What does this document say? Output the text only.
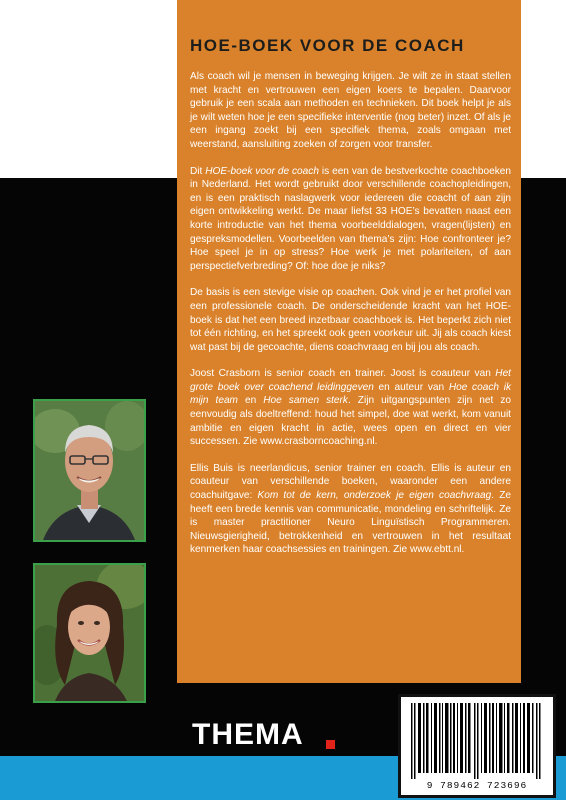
HOE-BOEK VOOR DE COACH

Als coach wil je mensen in beweging krijgen. Je wilt ze in staat stellen met kracht en vertrouwen een eigen koers te bepalen. Daarvoor gebruik je een scala aan methoden en technieken. Dit boek helpt je als je wilt weten hoe je een specifieke interventie (nog beter) inzet. Of als je een ingang zoekt bij een specifiek thema, zoals omgaan met weerstand, aansluiting zoeken of zorgen voor transfer.

Dit HOE-boek voor de coach is een van de bestverkochte coachboeken in Nederland. Het wordt gebruikt door verschillende coachopleidingen, en is een praktisch naslagwerk voor iedereen die coacht of aan zijn eigen ontwikkeling werkt. De maar liefst 33 HOE’s bevatten naast een korte introductie van het thema voorbeelddialogen, vragen(lijsten) en gespreksmodellen. Voorbeelden van thema’s zijn: Hoe confronteer je? Hoe speel je in op stress? Hoe werk je met polariteiten, of aan perspectiefverbreding? Of: hoe doe je niks?

De basis is een stevige visie op coachen. Ook vind je er het profiel van een professionele coach. De onderscheidende kracht van het HOE-boek is dat het een breed inzetbaar coachboek is. Het beperkt zich niet tot één richting, en het spreekt ook geen voorkeur uit. Jij als coach kiest wat past bij de gecoachte, diens coachvraag en bij jou als coach.

Joost Crasborn is senior coach en trainer. Joost is coauteur van Het grote boek over coachend leidinggeven en auteur van Hoe coach ik mijn team en Hoe samen sterk. Zijn uitgangspunten zijn net zo eenvoudig als doeltreffend: houd het simpel, doe wat werkt, kom vanuit ambitie en eigen kracht in actie, wees open en direct en vier successen. Zie www.crasborncoaching.nl.

Ellis Buis is neerlandicus, senior trainer en coach. Ellis is auteur en coauteur van verschillende boeken, waaronder een andere coachuitgave: Kom tot de kern, onderzoek je eigen coachvraag. Ze heeft een brede kennis van communicatie, mondeling en schriftelijk. Ze is master practitioner Neuro Linguïstisch Programmeren. Nieuwsgierigheid, betrokkenheid en vertrouwen in het resultaat kenmerken haar coachsessies en trainingen. Zie www.ebtt.nl.

THEMA
9 789462 723696
